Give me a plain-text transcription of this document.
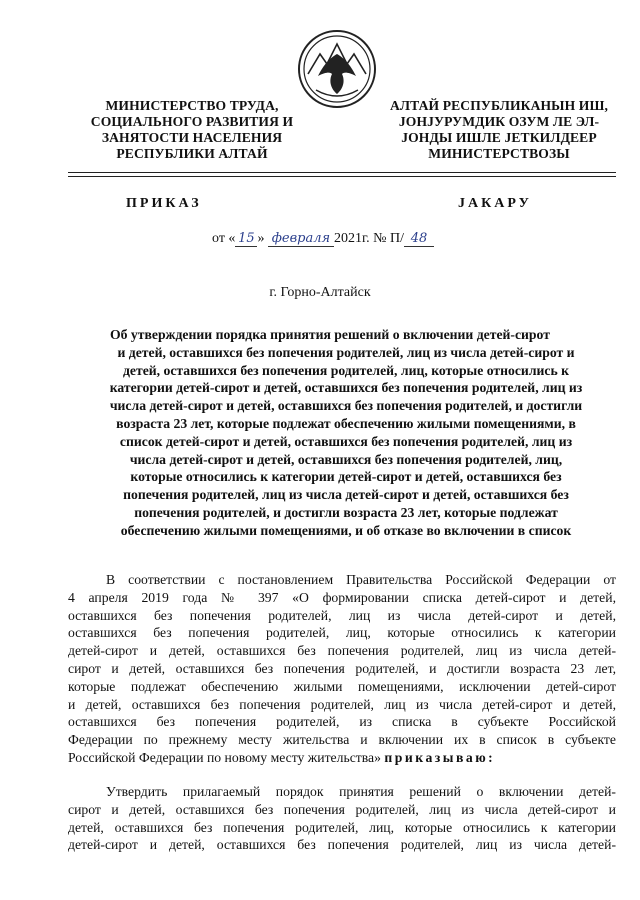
МИНИСТЕРСТВО ТРУДА,
СОЦИАЛЬНОГО РАЗВИТИЯ И
ЗАНЯТОСТИ НАСЕЛЕНИЯ
РЕСПУБЛИКИ АЛТАЙ
АЛТАЙ РЕСПУБЛИКАНЫН ИШ,
ЈОНЈУРУМДИК ОЗУМ ЛЕ ЭЛ-
ЈОНДЫ ИШЛЕ ЈЕТКИЛДЕЕР
МИНИСТЕРСТВОЗЫ
ПРИКАЗ	ЈАКАРУ
от « 15 » февраля 2021г. № П/ 48
г. Горно-Алтайск
Об утверждении порядка принятия решений о включении детей-сирот
и детей, оставшихся без попечения родителей, лиц из числа детей-сирот и
детей, оставшихся без попечения родителей, лиц, которые относились к
категории детей-сирот и детей, оставшихся без попечения родителей, лиц из
числа детей-сирот и детей, оставшихся без попечения родителей, и достигли
возраста 23 лет, которые подлежат обеспечению жилыми помещениями, в
список детей-сирот и детей, оставшихся без попечения родителей, лиц из
числа детей-сирот и детей, оставшихся без попечения родителей, лиц,
которые относились к категории детей-сирот и детей, оставшихся без
попечения родителей, лиц из числа детей-сирот и детей, оставшихся без
попечения родителей, и достигли возраста 23 лет, которые подлежат
обеспечению жилыми помещениями, и об отказе во включении в список
В соответствии с постановлением Правительства Российской Федерации от
4 апреля 2019 года № 397 «О формировании списка детей-сирот и детей,
оставшихся без попечения родителей, лиц из числа детей-сирот и детей,
оставшихся без попечения родителей, лиц, которые относились к категории
детей-сирот и детей, оставшихся без попечения родителей, лиц из числа детей-
сирот и детей, оставшихся без попечения родителей, и достигли возраста 23 лет,
которые подлежат обеспечению жилыми помещениями, исключении детей-сирот
и детей, оставшихся без попечения родителей, лиц из числа детей-сирот и детей,
оставшихся без попечения родителей, из списка в субъекте Российской
Федерации по прежнему месту жительства и включении их в список в субъекте
Российской Федерации по новому месту жительства» приказываю:
Утвердить прилагаемый порядок принятия решений о включении детей-
сирот и детей, оставшихся без попечения родителей, лиц из числа детей-сирот и
детей, оставшихся без попечения родителей, лиц, которые относились к категории
детей-сирот и детей, оставшихся без попечения родителей, лиц из числа детей-
